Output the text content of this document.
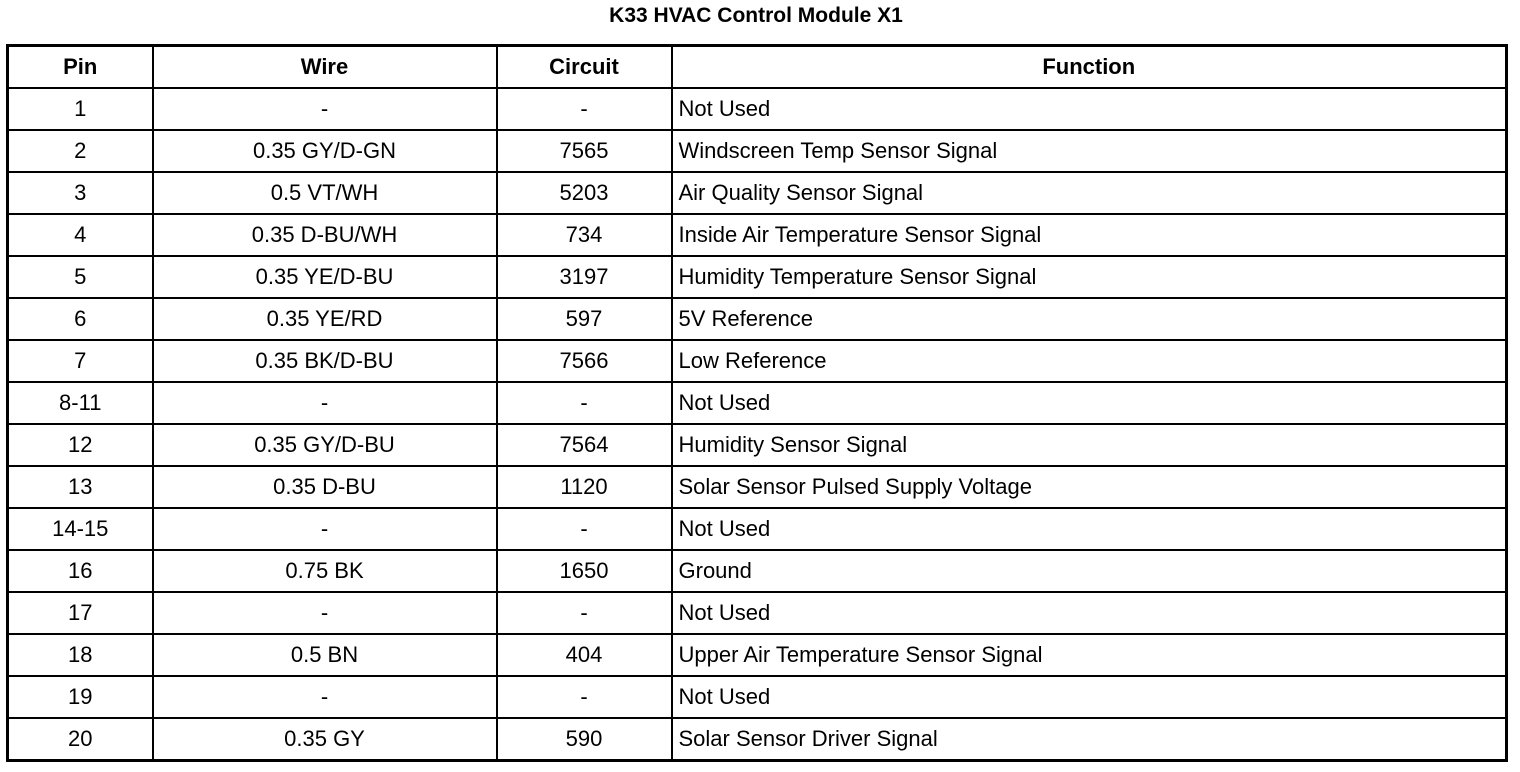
K33 HVAC Control Module X1
Pin	Wire	Circuit	Function
1	-	-	Not Used
2	0.35 GY/D-GN	7565	Windscreen Temp Sensor Signal
3	0.5 VT/WH	5203	Air Quality Sensor Signal
4	0.35 D-BU/WH	734	Inside Air Temperature Sensor Signal
5	0.35 YE/D-BU	3197	Humidity Temperature Sensor Signal
6	0.35 YE/RD	597	5V Reference
7	0.35 BK/D-BU	7566	Low Reference
8-11	-	-	Not Used
12	0.35 GY/D-BU	7564	Humidity Sensor Signal
13	0.35 D-BU	1120	Solar Sensor Pulsed Supply Voltage
14-15	-	-	Not Used
16	0.75 BK	1650	Ground
17	-	-	Not Used
18	0.5 BN	404	Upper Air Temperature Sensor Signal
19	-	-	Not Used
20	0.35 GY	590	Solar Sensor Driver Signal
